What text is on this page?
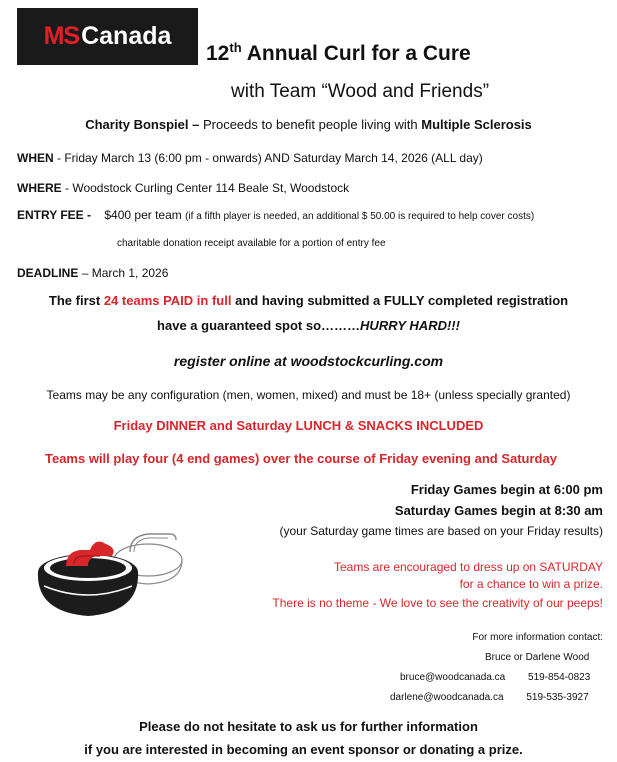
MS Canada
12th Annual Curl for a Cure
with Team “Wood and Friends”
Charity Bonspiel – Proceeds to benefit people living with Multiple Sclerosis
WHEN - Friday March 13 (6:00 pm - onwards) AND Saturday March 14, 2026 (ALL day)
WHERE - Woodstock Curling Center 114 Beale St, Woodstock
ENTRY FEE - $400 per team (if a fifth player is needed, an additional $ 50.00 is required to help cover costs)
charitable donation receipt available for a portion of entry fee
DEADLINE – March 1, 2026
The first 24 teams PAID in full and having submitted a FULLY completed registration
have a guaranteed spot so………HURRY HARD!!!
register online at woodstockcurling.com
Teams may be any configuration (men, women, mixed) and must be 18+ (unless specially granted)
Friday DINNER and Saturday LUNCH & SNACKS INCLUDED
Teams will play four (4 end games) over the course of Friday evening and Saturday
Friday Games begin at 6:00 pm
Saturday Games begin at 8:30 am
(your Saturday game times are based on your Friday results)
Teams are encouraged to dress up on SATURDAY
for a chance to win a prize.
There is no theme - We love to see the creativity of our peeps!
For more information contact:
Bruce or Darlene Wood
bruce@woodcanada.ca 519-854-0823
darlene@woodcanada.ca 519-535-3927
Please do not hesitate to ask us for further information
if you are interested in becoming an event sponsor or donating a prize.
